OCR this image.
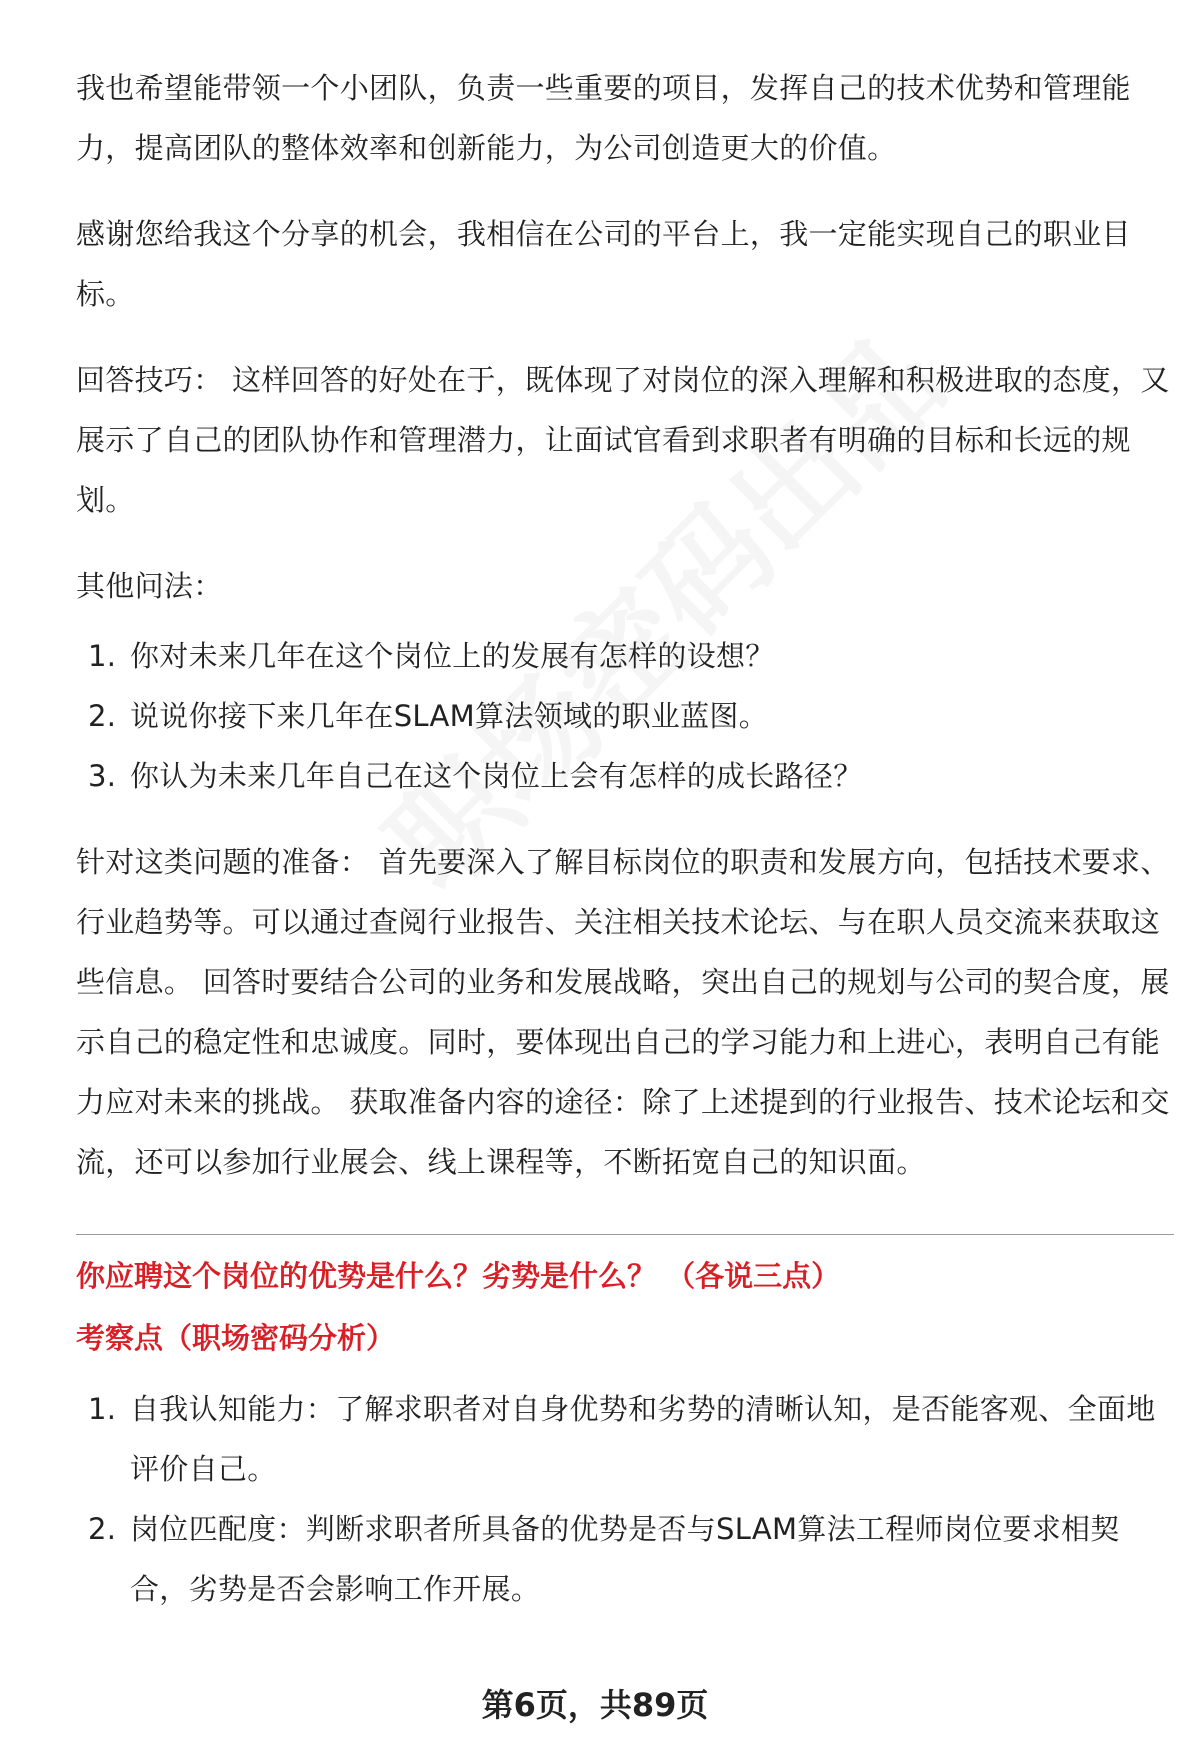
我也希望能带领一个小团队，负责一些重要的项目，发挥自己的技术优势和管理能力，提高团队的整体效率和创新能力，为公司创造更大的价值。

感谢您给我这个分享的机会，我相信在公司的平台上，我一定能实现自己的职业目标。

回答技巧： 这样回答的好处在于，既体现了对岗位的深入理解和积极进取的态度，又展示了自己的团队协作和管理潜力，让面试官看到求职者有明确的目标和长远的规划。

其他问法：

1. 你对未来几年在这个岗位上的发展有怎样的设想？
2. 说说你接下来几年在SLAM算法领域的职业蓝图。
3. 你认为未来几年自己在这个岗位上会有怎样的成长路径？

针对这类问题的准备： 首先要深入了解目标岗位的职责和发展方向，包括技术要求、行业趋势等。可以通过查阅行业报告、关注相关技术论坛、与在职人员交流来获取这些信息。 回答时要结合公司的业务和发展战略，突出自己的规划与公司的契合度，展示自己的稳定性和忠诚度。同时，要体现出自己的学习能力和上进心，表明自己有能力应对未来的挑战。 获取准备内容的途径：除了上述提到的行业报告、技术论坛和交流，还可以参加行业展会、线上课程等，不断拓宽自己的知识面。

你应聘这个岗位的优势是什么？劣势是什么？ （各说三点）
考察点（职场密码分析）
1. 自我认知能力：了解求职者对自身优势和劣势的清晰认知，是否能客观、全面地评价自己。
2. 岗位匹配度：判断求职者所具备的优势是否与SLAM算法工程师岗位要求相契合，劣势是否会影响工作开展。
第6页，共89页
